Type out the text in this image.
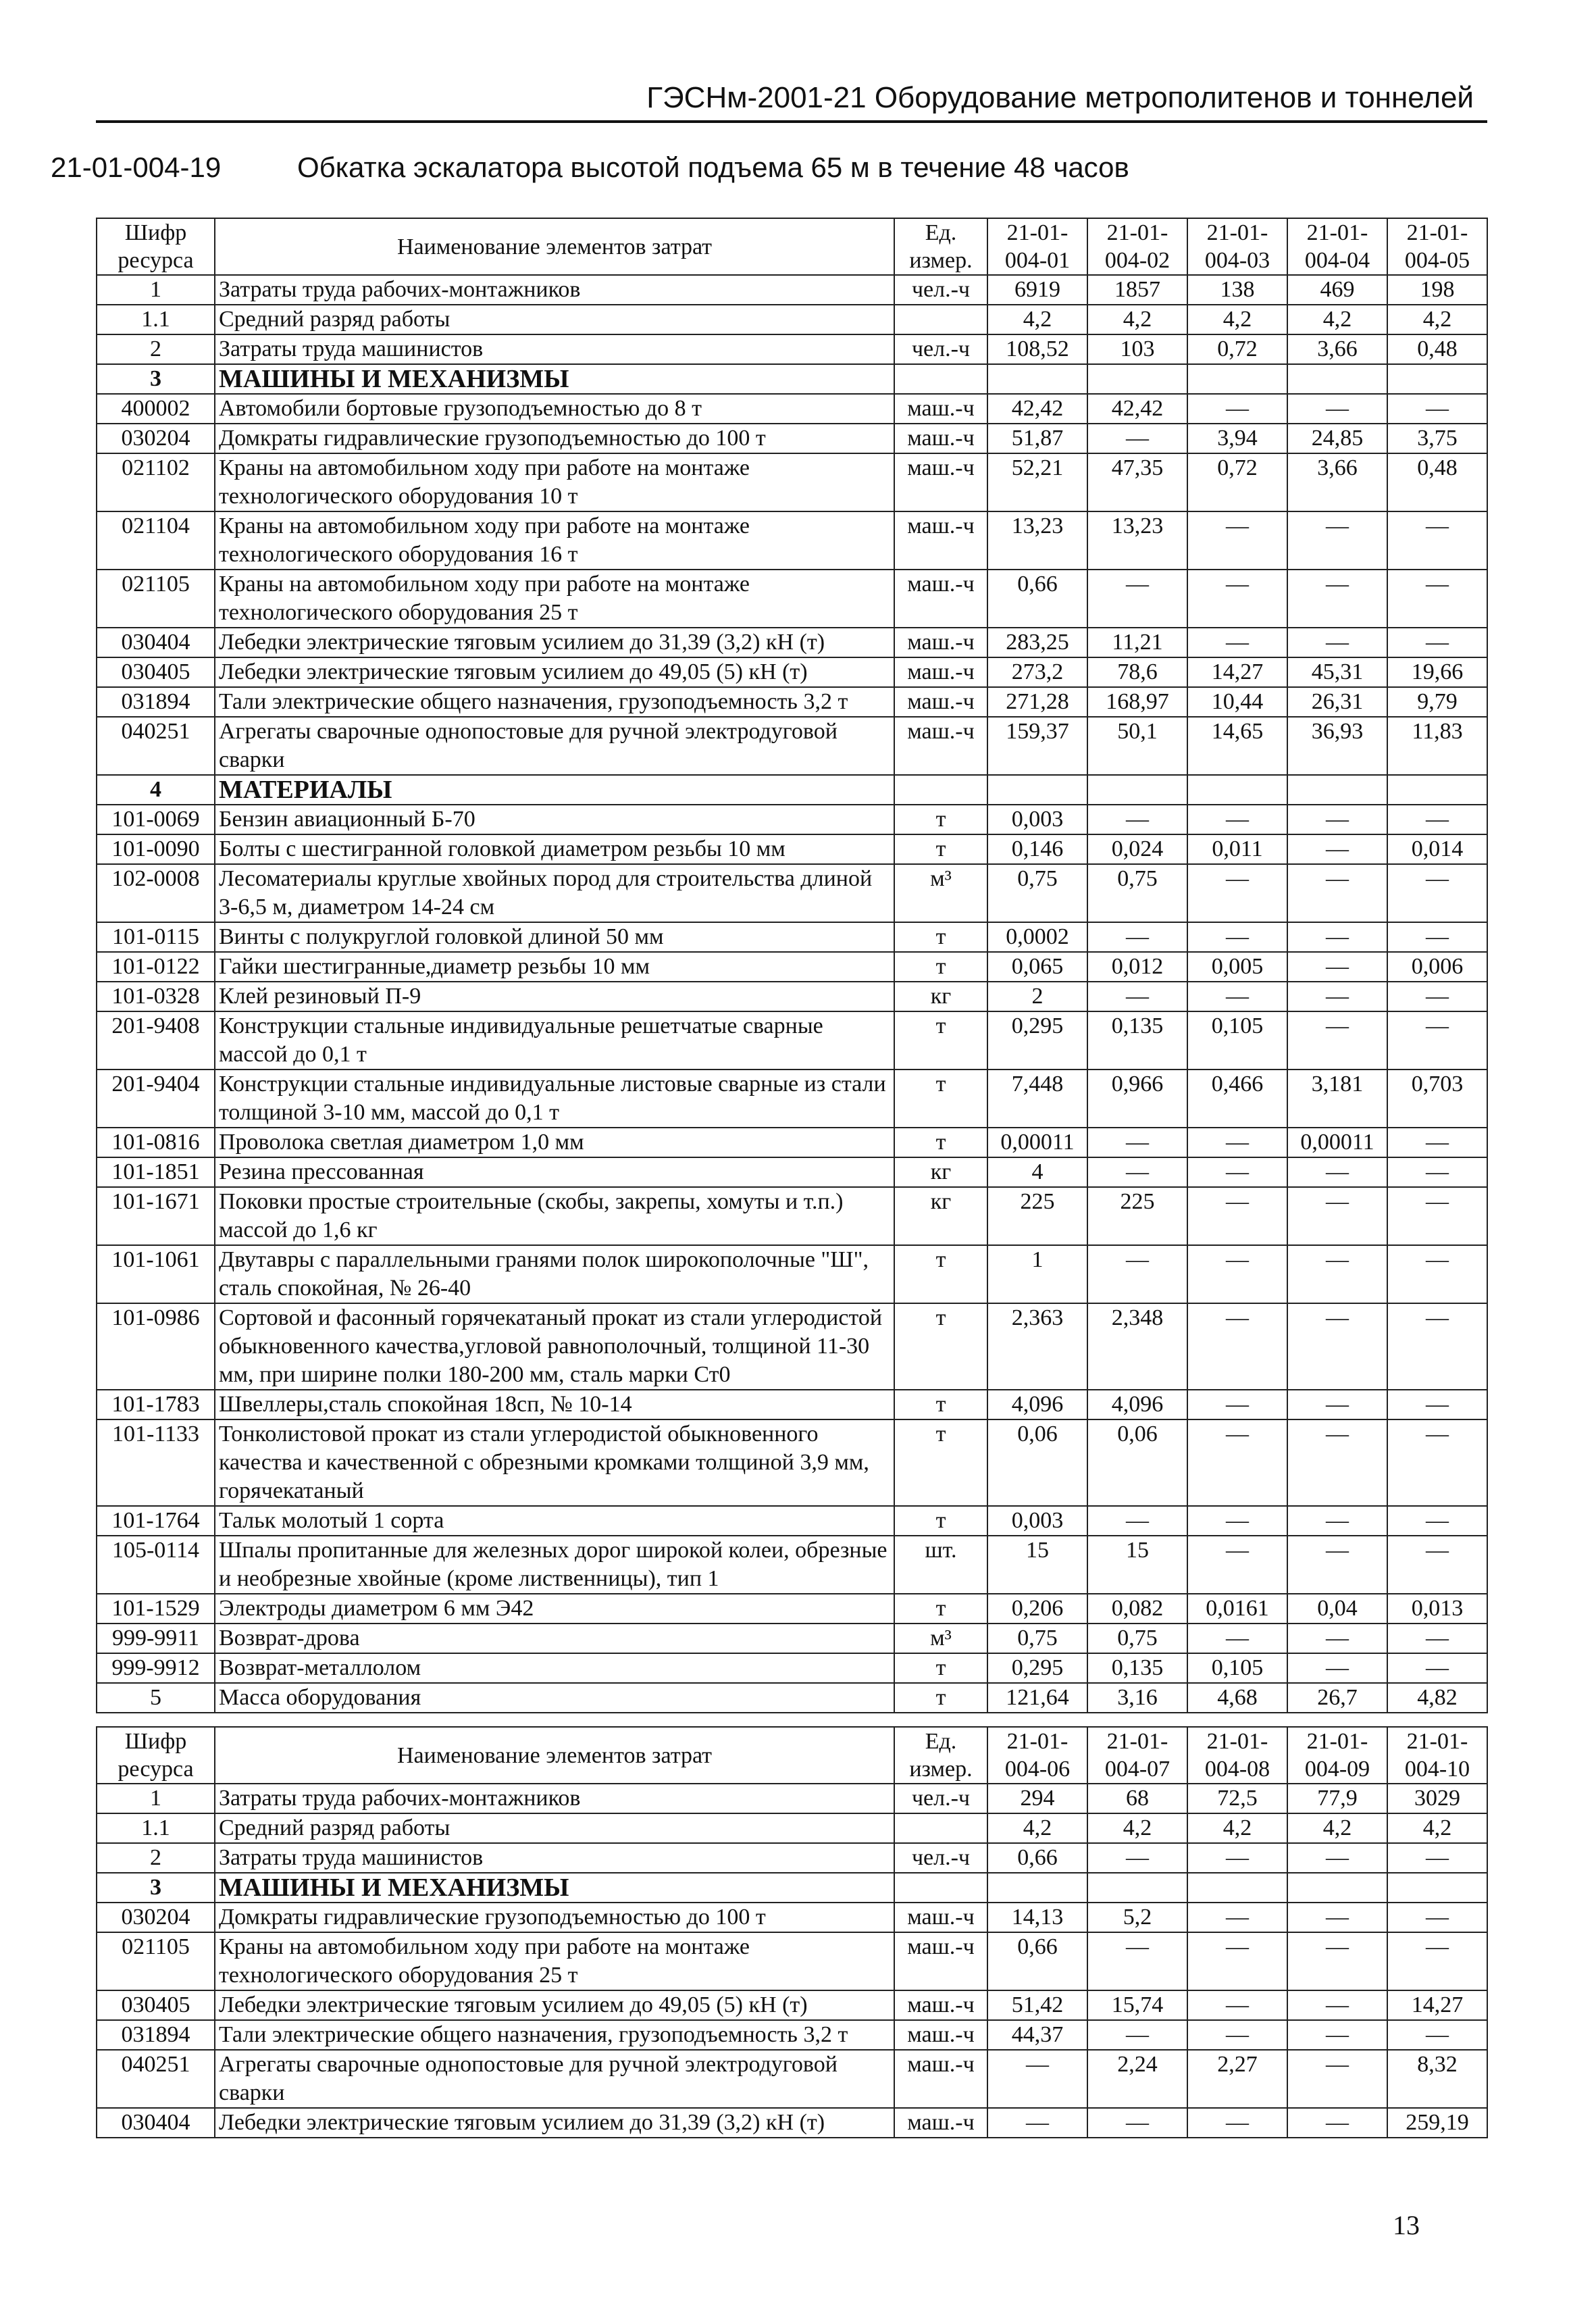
ГЭСНм-2001-21 Оборудование метрополитенов и тоннелей
21-01-004-19	Обкатка эскалатора высотой подъема 65 м в течение 48 часов
Шифр ресурса	Наименование элементов затрат	Ед. измер.	21-01-004-01	21-01-004-02	21-01-004-03	21-01-004-04	21-01-004-05
1	Затраты труда рабочих-монтажников	чел.-ч	6919	1857	138	469	198
1.1	Средний разряд работы		4,2	4,2	4,2	4,2	4,2
2	Затраты труда машинистов	чел.-ч	108,52	103	0,72	3,66	0,48
3	МАШИНЫ И МЕХАНИЗМЫ						
400002	Автомобили бортовые грузоподъемностью до 8 т	маш.-ч	42,42	42,42	—	—	—
030204	Домкраты гидравлические грузоподъемностью до 100 т	маш.-ч	51,87	—	3,94	24,85	3,75
021102	Краны на автомобильном ходу при работе на монтаже технологического оборудования 10 т	маш.-ч	52,21	47,35	0,72	3,66	0,48
021104	Краны на автомобильном ходу при работе на монтаже технологического оборудования 16 т	маш.-ч	13,23	13,23	—	—	—
021105	Краны на автомобильном ходу при работе на монтаже технологического оборудования 25 т	маш.-ч	0,66	—	—	—	—
030404	Лебедки электрические тяговым усилием до 31,39 (3,2) кН (т)	маш.-ч	283,25	11,21	—	—	—
030405	Лебедки электрические тяговым усилием до 49,05 (5) кН (т)	маш.-ч	273,2	78,6	14,27	45,31	19,66
031894	Тали электрические общего назначения, грузоподъемность 3,2 т	маш.-ч	271,28	168,97	10,44	26,31	9,79
040251	Агрегаты сварочные однопостовые для ручной электродуговой сварки	маш.-ч	159,37	50,1	14,65	36,93	11,83
4	МАТЕРИАЛЫ						
101-0069	Бензин авиационный Б-70	т	0,003	—	—	—	—
101-0090	Болты с шестигранной головкой диаметром резьбы 10 мм	т	0,146	0,024	0,011	—	0,014
102-0008	Лесоматериалы круглые хвойных пород для строительства длиной 3-6,5 м, диаметром 14-24 см	м³	0,75	0,75	—	—	—
101-0115	Винты с полукруглой головкой длиной 50 мм	т	0,0002	—	—	—	—
101-0122	Гайки шестигранные,диаметр резьбы 10 мм	т	0,065	0,012	0,005	—	0,006
101-0328	Клей резиновый П-9	кг	2	—	—	—	—
201-9408	Конструкции стальные индивидуальные решетчатые сварные массой до 0,1 т	т	0,295	0,135	0,105	—	—
201-9404	Конструкции стальные индивидуальные листовые сварные из стали толщиной 3-10 мм, массой до 0,1 т	т	7,448	0,966	0,466	3,181	0,703
101-0816	Проволока светлая диаметром 1,0 мм	т	0,00011	—	—	0,00011	—
101-1851	Резина прессованная	кг	4	—	—	—	—
101-1671	Поковки простые строительные (скобы, закрепы, хомуты и т.п.) массой до 1,6 кг	кг	225	225	—	—	—
101-1061	Двутавры с параллельными гранями полок широкополочные "Ш", сталь спокойная, № 26-40	т	1	—	—	—	—
101-0986	Сортовой и фасонный горячекатаный прокат из стали углеродистой обыкновенного качества,угловой равнополочный, толщиной 11-30 мм, при ширине полки 180-200 мм, сталь марки Ст0	т	2,363	2,348	—	—	—
101-1783	Швеллеры,сталь спокойная 18сп, № 10-14	т	4,096	4,096	—	—	—
101-1133	Тонколистовой прокат из стали углеродистой обыкновенного качества и качественной с обрезными кромками толщиной 3,9 мм, горячекатаный	т	0,06	0,06	—	—	—
101-1764	Тальк молотый 1 сорта	т	0,003	—	—	—	—
105-0114	Шпалы пропитанные для железных дорог широкой колеи, обрезные и необрезные хвойные (кроме лиственницы), тип 1	шт.	15	15	—	—	—
101-1529	Электроды диаметром 6 мм Э42	т	0,206	0,082	0,0161	0,04	0,013
999-9911	Возврат-дрова	м³	0,75	0,75	—	—	—
999-9912	Возврат-металлолом	т	0,295	0,135	0,105	—	—
5	Масса оборудования	т	121,64	3,16	4,68	26,7	4,82
Шифр ресурса	Наименование элементов затрат	Ед. измер.	21-01-004-06	21-01-004-07	21-01-004-08	21-01-004-09	21-01-004-10
1	Затраты труда рабочих-монтажников	чел.-ч	294	68	72,5	77,9	3029
1.1	Средний разряд работы		4,2	4,2	4,2	4,2	4,2
2	Затраты труда машинистов	чел.-ч	0,66	—	—	—	—
3	МАШИНЫ И МЕХАНИЗМЫ						
030204	Домкраты гидравлические грузоподъемностью до 100 т	маш.-ч	14,13	5,2	—	—	—
021105	Краны на автомобильном ходу при работе на монтаже технологического оборудования 25 т	маш.-ч	0,66	—	—	—	—
030405	Лебедки электрические тяговым усилием до 49,05 (5) кН (т)	маш.-ч	51,42	15,74	—	—	14,27
031894	Тали электрические общего назначения, грузоподъемность 3,2 т	маш.-ч	44,37	—	—	—	—
040251	Агрегаты сварочные однопостовые для ручной электродуговой сварки	маш.-ч	—	2,24	2,27	—	8,32
030404	Лебедки электрические тяговым усилием до 31,39 (3,2) кН (т)	маш.-ч	—	—	—	—	259,19
13
